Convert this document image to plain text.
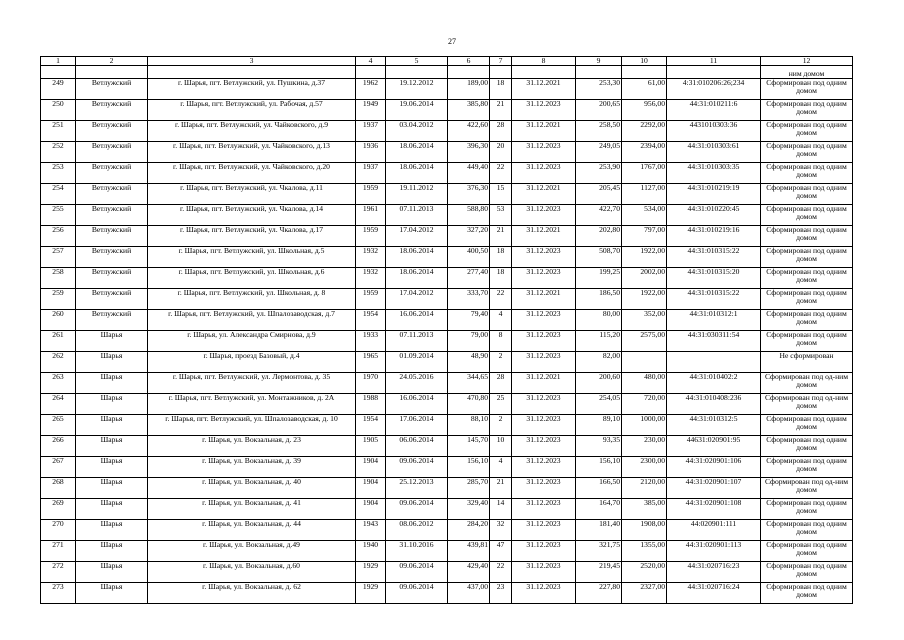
27
1	2	3	4	5	6	7	8	9	10	11	12
											ним домом
249	Ветлужский	г. Шарья, пгт. Ветлужский, ул. Пушкина, д.37	1962	19.12.2012	189,00	18	31.12.2021	253,30	61,00	4:31:010206:26;234	Сформирован под одним домом
250	Ветлужский	г. Шарья, пгт. Ветлужский, ул. Рабочая, д.57	1949	19.06.2014	385,80	21	31.12.2023	200,65	956,00	44:31:010211:6	Сформирован под одним домом
251	Ветлужский	г. Шарья, пгт. Ветлужский, ул. Чайковского, д.9	1937	03.04.2012	422,60	28	31.12.2021	258,50	2292,00	4431010303:36	Сформирован под одним домом
252	Ветлужский	г. Шарья, пгт. Ветлужский, ул. Чайковского, д.13	1936	18.06.2014	396,30	20	31.12.2023	249,05	2394,00	44:31:010303:61	Сформирован под одним домом
253	Ветлужский	г. Шарья, пгт. Ветлужский, ул. Чайковского, д.20	1937	18.06.2014	449,40	22	31.12.2023	253,90	1767,00	44:31:010303:35	Сформирован под одним домом
254	Ветлужский	г. Шарья, пгт. Ветлужский, ул. Чкалова, д.11	1959	19.11.2012	376,30	15	31.12.2021	205,45	1127,00	44:31:010219:19	Сформирован под одним домом
255	Ветлужский	г. Шарья, пгт. Ветлужский, ул. Чкалова, д.14	1961	07.11.2013	588,80	53	31.12.2023	422,70	534,00	44:31:010220:45	Сформирован под одним домом
256	Ветлужский	г. Шарья, пгт. Ветлужский, ул. Чкалова, д.17	1959	17.04.2012	327,20	21	31.12.2021	202,80	797,00	44:31:010219:16	Сформирован под одним домом
257	Ветлужский	г. Шарья, пгт. Ветлужский, ул. Школьная, д.5	1932	18.06.2014	400,50	18	31.12.2023	508,70	1922,00	44:31:010315:22	Сформирован под одним домом
258	Ветлужский	г. Шарья, пгт. Ветлужский, ул. Школьная, д.6	1932	18.06.2014	277,40	18	31.12.2023	199,25	2002,00	44:31:010315:20	Сформирован под одним домом
259	Ветлужский	г. Шарья, пгт. Ветлужский, ул. Школьная, д. 8	1959	17.04.2012	333,70	22	31.12.2021	186,50	1922,00	44:31:010315:22	Сформирован под одним домом
260	Ветлужский	г. Шарья, пгт. Ветлужский, ул. Шпалозаводская, д.7	1954	16.06.2014	79,40	4	31.12.2023	80,00	352,00	44:31:010312:1	Сформирован под одним домом
261	Шарья	г. Шарья, ул. Александра Смирнова, д.9	1933	07.11.2013	79,00	8	31.12.2023	115,20	2575,00	44:31:030311:54	Сформирован под одним домом
262	Шарья	г. Шарья, проезд Базовый, д.4	1965	01.09.2014	48,90	2	31.12.2023	82,00			Не сформирован
263	Шарья	г. Шарья, пгт. Ветлужский, ул. Лермонтова, д. 35	1970	24.05.2016	344,65	28	31.12.2021	200,60	480,00	44:31:010402:2	Сформирован под од-ним домом
264	Шарья	г. Шарья, пгт. Ветлужский, ул. Монтажников, д. 2А	1988	16.06.2014	470,80	25	31.12.2023	254,05	720,00	44:31:010408:236	Сформирован под од-ним домом
265	Шарья	г. Шарья, пгт. Ветлужский, ул. Шпалозаводская, д. 10	1954	17.06.2014	88,10	2	31.12.2023	89,10	1000,00	44:31:010312:5	Сформирован под одним домом
266	Шарья	г. Шарья, ул. Вокзальная, д. 23	1905	06.06.2014	145,70	10	31.12.2023	93,35	230,00	44631:020901:95	Сформирован под одним домом
267	Шарья	г. Шарья, ул. Вокзальная, д. 39	1904	09.06.2014	156,10	4	31.12.2023	156,10	2300,00	44:31:020901:106	Сформирован под одним домом
268	Шарья	г. Шарья, ул. Вокзальная, д. 40	1904	25.12.2013	285,70	21	31.12.2023	166,50	2120,00	44:31:020901:107	Сформирован под од-ним домом
269	Шарья	г. Шарья, ул. Вокзальная, д. 41	1904	09.06.2014	329,40	14	31.12.2023	164,70	385,00	44:31:020901:108	Сформирован под одним домом
270	Шарья	г. Шарья, ул. Вокзальная, д. 44	1943	08.06.2012	284,20	32	31.12.2023	181,40	1908,00	44:020901:111	Сформирован под одним домом
271	Шарья	г. Шарья, ул. Вокзальная, д.49	1940	31.10.2016	439,81	47	31.12.2023	321,75	1355,00	44:31:020901:113	Сформирован под одним домом
272	Шарья	г. Шарья, ул. Вокзальная, д.60	1929	09.06.2014	429,40	22	31.12.2023	219,45	2520,00	44:31:020716:23	Сформирован под одним домом
273	Шарья	г. Шарья, ул. Вокзальная, д. 62	1929	09.06.2014	437,00	23	31.12.2023	227,80	2327,00	44:31:020716:24	Сформирован под одним домом
